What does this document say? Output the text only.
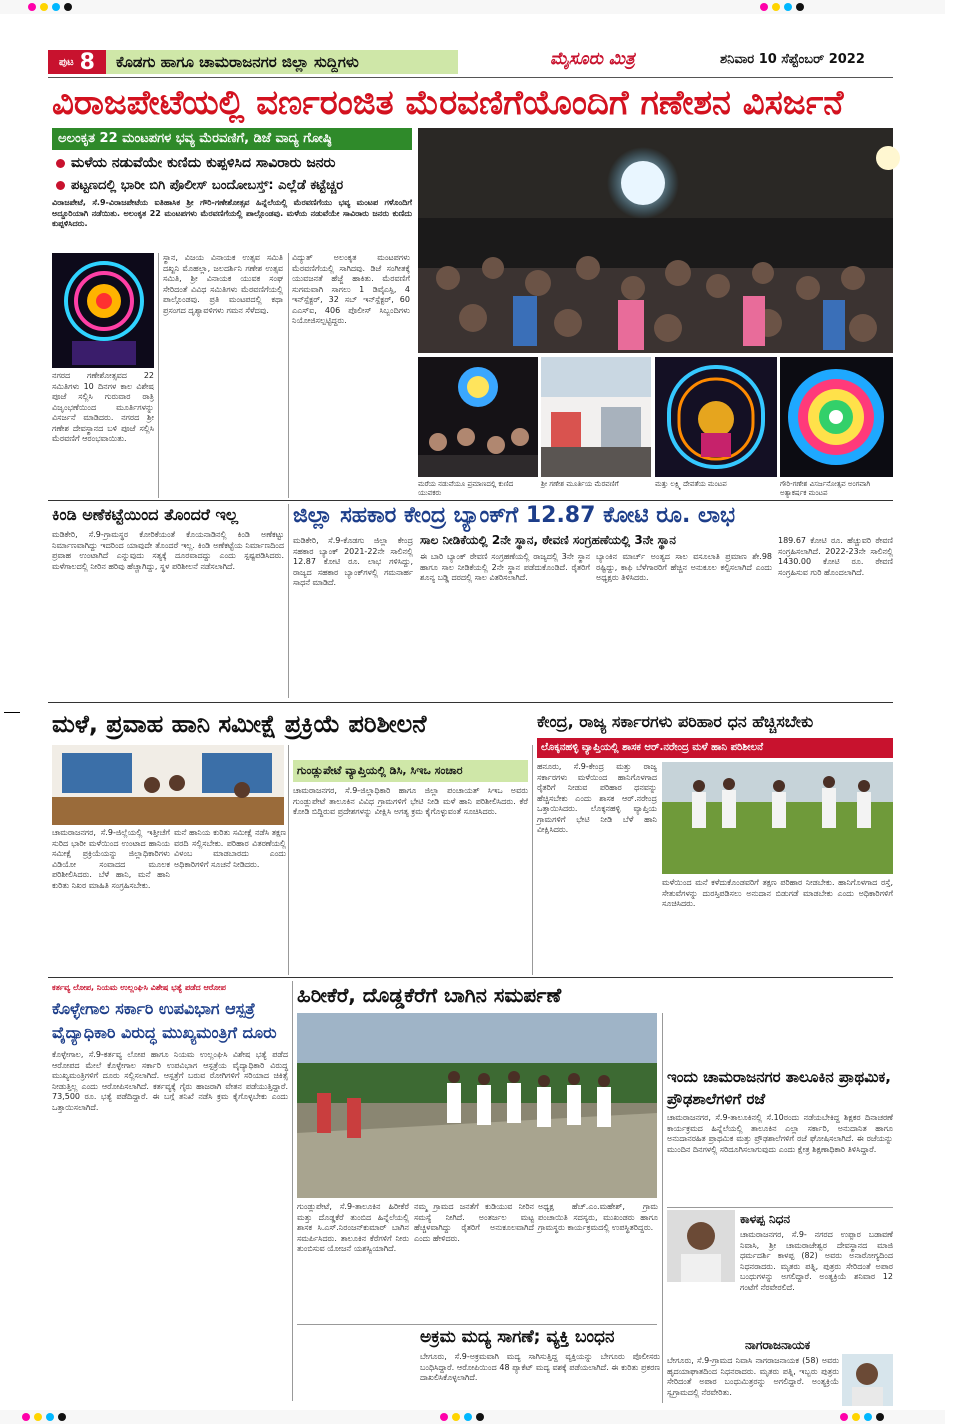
ಪುಟ 8	ಕೊಡಗು ಹಾಗೂ ಚಾಮರಾಜನಗರ ಜಿಲ್ಲಾ ಸುದ್ದಿಗಳು	ಮೈಸೂರು ಮಿತ್ರ	ಶನಿವಾರ 10 ಸೆಪ್ಟೆಂಬರ್ 2022
ವಿರಾಜಪೇಟೆಯಲ್ಲಿ ವರ್ಣರಂಜಿತ ಮೆರವಣಿಗೆಯೊಂದಿಗೆ ಗಣೇಶನ ವಿಸರ್ಜನೆ
ಅಲಂಕೃತ 22 ಮಂಟಪಗಳ ಭವ್ಯ ಮೆರವಣಿಗೆ, ಡಿಜೆ ವಾದ್ಯ ಗೋಷ್ಠಿ
ಮಳೆಯ ನಡುವೆಯೇ ಕುಣಿದು ಕುಪ್ಪಳಿಸಿದ ಸಾವಿರಾರು ಜನರು
ಪಟ್ಟಣದಲ್ಲಿ ಭಾರೀ ಬಿಗಿ ಪೊಲೀಸ್ ಬಂದೋಬಸ್ತ್: ಎಲ್ಲೆಡೆ ಕಟ್ಟೆಚ್ಚರ
ವಿರಾಜಪೇಟೆ, ಸೆ.9-ವಿರಾಜಪೇಟೆಯ ಐತಿಹಾಸಿಕ ಶ್ರೀ ಗೌರಿ-ಗಣೇಶೋತ್ಸವ ಹಿನ್ನೆಲೆಯಲ್ಲಿ ಮೆರವಣಿಗೆಯು ಭವ್ಯ ಮಂಟಪ ಗಳೊಂದಿಗೆ ಅದ್ದೂರಿಯಾಗಿ ನಡೆಯಿತು. ಅಲಂಕೃತ 22 ಮಂಟಪಗಳು ಮೆರವಣಿಗೆಯಲ್ಲಿ ಪಾಲ್ಗೊಂಡವು. ಮಳೆಯ ನಡುವೆಯೇ ಸಾವಿರಾರು ಜನರು ಕುಣಿದು ಕುಪ್ಪಳಿಸಿದರು.
ನಗರದ ಗಣೇಶೋತ್ಸವದ 22 ಸಮಿತಿಗಳು 10 ದಿನಗಳ ಕಾಲ ವಿಶೇಷ ಪೂಜೆ ಸಲ್ಲಿಸಿ ಗುರುವಾರ ರಾತ್ರಿ ವಿಜೃಂಭಣೆಯಿಂದ ಮೂರ್ತಿಗಳನ್ನು ವಿಸರ್ಜನೆ ಮಾಡಿದರು. ನಗರದ ಶ್ರೀ ಗಣೇಶ ದೇವಸ್ಥಾನದ ಬಳಿ ಪೂಜೆ ಸಲ್ಲಿಸಿ ಮೆರವಣಿಗೆ ಆರಂಭವಾಯಿತು.
ಸ್ಥಾನ, ವಿಜಯ ವಿನಾಯಕ ಉತ್ಸವ ಸಮಿತಿ ದಖ್ಖನಿ ಮೊಹಲ್ಲಾ, ಜಲದರ್ಶಿನಿ ಗಣೇಶ ಉತ್ಸವ ಸಮಿತಿ, ಶ್ರೀ ವಿನಾಯಕ ಯುವಕ ಸಂಘ ಸೇರಿದಂತೆ ವಿವಿಧ ಸಮಿತಿಗಳು ಮೆರವಣಿಗೆಯಲ್ಲಿ ಪಾಲ್ಗೊಂಡವು. ಪ್ರತಿ ಮಂಟಪದಲ್ಲಿ ಕಥಾ ಪ್ರಸಂಗದ ದೃಶ್ಯಾವಳಿಗಳು ಗಮನ ಸೆಳೆದವು.
ವಿದ್ಯುತ್ ಅಲಂಕೃತ ಮಂಟಪಗಳು ಮೆರವಣಿಗೆಯಲ್ಲಿ ಸಾಗಿದವು. ಡಿಜೆ ಸಂಗೀತಕ್ಕೆ ಯುವಜನತೆ ಹೆಜ್ಜೆ ಹಾಕಿತು. ಮೆರವಣಿಗೆ ಸುಗಮವಾಗಿ ಸಾಗಲು 1 ಡಿವೈಎಸ್ಪಿ, 4 ಇನ್‍ಸ್ಪೆಕ್ಟರ್, 32 ಸಬ್ ಇನ್‍ಸ್ಪೆಕ್ಟರ್, 60 ಎಎಸ್‍ಐ, 406 ಪೊಲೀಸ್ ಸಿಬ್ಬಂದಿಗಳು ನಿಯೋಜಿಸಲ್ಪಟ್ಟಿದ್ದರು.
ಮರೆಯ ನಡುವೆಯೂ ಪ್ರಮಾಣದಲ್ಲಿ ಕುಣಿದ ಯುವಕರು
ಶ್ರೀ ಗಣೇಶ ಮೂರ್ತಿಯ ಮೆರವಣಿಗೆ	ಮತ್ತು ಲಕ್ಷ್ಮಿ ದೇವತೆಯ ಮಂಟಪ	ಗೌರಿ-ಗಣೇಶ ವಿಸರ್ಜನೋತ್ಸವ ಅಂಗವಾಗಿ ಅತ್ಯಾಕರ್ಷಕ ಮಂಟಪ
ಕಿಂಡಿ ಅಣೆಕಟ್ಟೆಯಿಂದ ತೊಂದರೆ ಇಲ್ಲ
ಮಡಿಕೇರಿ, ಸೆ.9-ಗ್ರಾಮಸ್ಥರ ಕೋರಿಕೆಯಂತೆ ಕೊಯನಾಡಿನಲ್ಲಿ ಕಿಂಡಿ ಅಣೆಕಟ್ಟು ನಿರ್ಮಾಣವಾಗಿದ್ದು ಇದರಿಂದ ಯಾವುದೇ ತೊಂದರೆ ಇಲ್ಲ. ಕಿಂಡಿ ಅಣೆಕಟ್ಟೆಯ ನಿರ್ಮಾಣದಿಂದ ಪ್ರವಾಹ ಉಂಟಾಗಿದೆ ಎನ್ನುವುದು ಸತ್ಯಕ್ಕೆ ದೂರವಾದದ್ದು ಎಂದು ಸ್ಪಷ್ಟಪಡಿಸಿದರು. ಮಳೆಗಾಲದಲ್ಲಿ ನೀರಿನ ಹರಿವು ಹೆಚ್ಚಾಗಿದ್ದು, ಸ್ಥಳ ಪರಿಶೀಲನೆ ನಡೆಸಲಾಗಿದೆ.
ಜಿಲ್ಲಾ ಸಹಕಾರ ಕೇಂದ್ರ ಬ್ಯಾಂಕ್‍ಗೆ 12.87 ಕೋಟಿ ರೂ. ಲಾಭ
ಸಾಲ ನೀಡಿಕೆಯಲ್ಲಿ 2ನೇ ಸ್ಥಾನ, ಠೇವಣಿ ಸಂಗ್ರಹಣೆಯಲ್ಲಿ 3ನೇ ಸ್ಥಾನ
ಮಡಿಕೇರಿ, ಸೆ.9-ಕೊಡಗು ಜಿಲ್ಲಾ ಕೇಂದ್ರ ಸಹಕಾರ ಬ್ಯಾಂಕ್ 2021-22ನೇ ಸಾಲಿನಲ್ಲಿ 12.87 ಕೋಟಿ ರೂ. ಲಾಭ ಗಳಿಸಿದ್ದು, ರಾಜ್ಯದ ಸಹಕಾರ ಬ್ಯಾಂಕ್‍ಗಳಲ್ಲಿ ಗಮನಾರ್ಹ ಸಾಧನೆ ಮಾಡಿದೆ.
ಈ ಬಾರಿ ಬ್ಯಾಂಕ್ ಠೇವಣಿ ಸಂಗ್ರಹಣೆಯಲ್ಲಿ ರಾಜ್ಯದಲ್ಲಿ 3ನೇ ಸ್ಥಾನ ಹಾಗೂ ಸಾಲ ನೀಡಿಕೆಯಲ್ಲಿ 2ನೇ ಸ್ಥಾನ ಪಡೆದುಕೊಂಡಿದೆ. ರೈತರಿಗೆ ಶೂನ್ಯ ಬಡ್ಡಿ ದರದಲ್ಲಿ ಸಾಲ ವಿತರಿಸಲಾಗಿದೆ.
ಬ್ಯಾಂಕಿನ ಮಾರ್ಚ್ ಅಂತ್ಯದ ಸಾಲ ವಸೂಲಾತಿ ಪ್ರಮಾಣ ಶೇ.98 ರಷ್ಟಿದ್ದು, ಕಾಫಿ ಬೆಳೆಗಾರರಿಗೆ ಹೆಚ್ಚಿನ ಅನುಕೂಲ ಕಲ್ಪಿಸಲಾಗಿದೆ ಎಂದು ಅಧ್ಯಕ್ಷರು ತಿಳಿಸಿದರು.
189.67 ಕೋಟಿ ರೂ. ಹೆಚ್ಚುವರಿ ಠೇವಣಿ ಸಂಗ್ರಹಿಸಲಾಗಿದೆ. 2022-23ನೇ ಸಾಲಿನಲ್ಲಿ 1430.00 ಕೋಟಿ ರೂ. ಠೇವಣಿ ಸಂಗ್ರಹಿಸುವ ಗುರಿ ಹೊಂದಲಾಗಿದೆ.
ಮಳೆ, ಪ್ರವಾಹ ಹಾನಿ ಸಮೀಕ್ಷೆ ಪ್ರಕ್ರಿಯೆ ಪರಿಶೀಲನೆ
ಚಾಮರಾಜನಗರ, ಸೆ.9-ಜಿಲ್ಲೆಯಲ್ಲಿ ಇತ್ತೀಚೆಗೆ ಸುರಿದ ಭಾರೀ ಮಳೆಯಿಂದ ಉಂಟಾದ ಹಾನಿಯ ಸಮೀಕ್ಷೆ ಪ್ರಕ್ರಿಯೆಯನ್ನು ಜಿಲ್ಲಾಧಿಕಾರಿಗಳು ವಿಡಿಯೋ ಸಂವಾದದ ಮೂಲಕ ಪರಿಶೀಲಿಸಿದರು. ಬೆಳೆ ಹಾನಿ, ಮನೆ ಹಾನಿ ಕುರಿತು ನಿಖರ ಮಾಹಿತಿ ಸಂಗ್ರಹಿಸಬೇಕು.
ಮನೆ ಹಾನಿಯ ಕುರಿತು ಸಮೀಕ್ಷೆ ನಡೆಸಿ ತಕ್ಷಣ ವರದಿ ಸಲ್ಲಿಸಬೇಕು. ಪರಿಹಾರ ವಿತರಣೆಯಲ್ಲಿ ವಿಳಂಬ ಮಾಡಬಾರದು ಎಂದು ಅಧಿಕಾರಿಗಳಿಗೆ ಸೂಚನೆ ನೀಡಿದರು.
ಗುಂಡ್ಲುಪೇಟೆ ವ್ಯಾಪ್ತಿಯಲ್ಲಿ ಡಿಸಿ, ಸಿಇಒ ಸಂಚಾರ
ಚಾಮರಾಜನಗರ, ಸೆ.9-ಜಿಲ್ಲಾಧಿಕಾರಿ ಹಾಗೂ ಜಿಲ್ಲಾ ಪಂಚಾಯತ್ ಸಿಇಒ ಅವರು ಗುಂಡ್ಲುಪೇಟೆ ತಾಲೂಕಿನ ವಿವಿಧ ಗ್ರಾಮಗಳಿಗೆ ಭೇಟಿ ನೀಡಿ ಮಳೆ ಹಾನಿ ಪರಿಶೀಲಿಸಿದರು. ಕೆರೆ ಕೋಡಿ ಬಿದ್ದಿರುವ ಪ್ರದೇಶಗಳನ್ನು ವೀಕ್ಷಿಸಿ ಅಗತ್ಯ ಕ್ರಮ ಕೈಗೊಳ್ಳುವಂತೆ ಸೂಚಿಸಿದರು.
ಕೇಂದ್ರ, ರಾಜ್ಯ ಸರ್ಕಾರಗಳು ಪರಿಹಾರ ಧನ ಹೆಚ್ಚಿಸಬೇಕು
ಲೊಕ್ಕನಹಳ್ಳಿ ವ್ಯಾಪ್ತಿಯಲ್ಲಿ ಶಾಸಕ ಆರ್.ನರೇಂದ್ರ ಮಳೆ ಹಾನಿ ಪರಿಶೀಲನೆ
ಹನೂರು, ಸೆ.9-ಕೇಂದ್ರ ಮತ್ತು ರಾಜ್ಯ ಸರ್ಕಾರಗಳು ಮಳೆಯಿಂದ ಹಾನಿಗೊಳಗಾದ ರೈತರಿಗೆ ನೀಡುವ ಪರಿಹಾರ ಧನವನ್ನು ಹೆಚ್ಚಿಸಬೇಕು ಎಂದು ಶಾಸಕ ಆರ್.ನರೇಂದ್ರ ಒತ್ತಾಯಿಸಿದರು. ಲೊಕ್ಕನಹಳ್ಳಿ ವ್ಯಾಪ್ತಿಯ ಗ್ರಾಮಗಳಿಗೆ ಭೇಟಿ ನೀಡಿ ಬೆಳೆ ಹಾನಿ ವೀಕ್ಷಿಸಿದರು.
ಮಳೆಯಿಂದ ಮನೆ ಕಳೆದುಕೊಂಡವರಿಗೆ ತಕ್ಷಣ ಪರಿಹಾರ ನೀಡಬೇಕು. ಹಾನಿಗೊಳಗಾದ ರಸ್ತೆ, ಸೇತುವೆಗಳನ್ನು ದುರಸ್ತಿಪಡಿಸಲು ಅನುದಾನ ಬಿಡುಗಡೆ ಮಾಡಬೇಕು ಎಂದು ಅಧಿಕಾರಿಗಳಿಗೆ ಸೂಚಿಸಿದರು.
ಕರ್ತವ್ಯ ಲೋಪ, ನಿಯಮ ಉಲ್ಲಂಘಿಸಿ ವಿಶೇಷ ಭತ್ಯೆ ಪಡೆದ ಆರೋಪ
ಕೊಳ್ಳೇಗಾಲ ಸರ್ಕಾರಿ ಉಪವಿಭಾಗ ಆಸ್ಪತ್ರೆ ವೈದ್ಯಾಧಿಕಾರಿ ವಿರುದ್ಧ ಮುಖ್ಯಮಂತ್ರಿಗೆ ದೂರು
ಕೊಳ್ಳೇಗಾಲ, ಸೆ.9-ಕರ್ತವ್ಯ ಲೋಪ ಹಾಗೂ ನಿಯಮ ಉಲ್ಲಂಘಿಸಿ ವಿಶೇಷ ಭತ್ಯೆ ಪಡೆದ ಆರೋಪದ ಮೇಲೆ ಕೊಳ್ಳೇಗಾಲ ಸರ್ಕಾರಿ ಉಪವಿಭಾಗ ಆಸ್ಪತ್ರೆಯ ವೈದ್ಯಾಧಿಕಾರಿ ವಿರುದ್ಧ ಮುಖ್ಯಮಂತ್ರಿಗಳಿಗೆ ದೂರು ಸಲ್ಲಿಸಲಾಗಿದೆ. ಆಸ್ಪತ್ರೆಗೆ ಬರುವ ರೋಗಿಗಳಿಗೆ ಸರಿಯಾದ ಚಿಕಿತ್ಸೆ ನೀಡುತ್ತಿಲ್ಲ ಎಂದು ಆರೋಪಿಸಲಾಗಿದೆ. ಕರ್ತವ್ಯಕ್ಕೆ ಗೈರು ಹಾಜರಾಗಿ ವೇತನ ಪಡೆಯುತ್ತಿದ್ದಾರೆ. 73,500 ರೂ. ಭತ್ಯೆ ಪಡೆದಿದ್ದಾರೆ. ಈ ಬಗ್ಗೆ ತನಿಖೆ ನಡೆಸಿ ಕ್ರಮ ಕೈಗೊಳ್ಳಬೇಕು ಎಂದು ಒತ್ತಾಯಿಸಲಾಗಿದೆ.
ಹಿರೀಕೆರೆ, ದೊಡ್ಡಕೆರೆಗೆ ಬಾಗಿನ ಸಮರ್ಪಣೆ
ಗುಂಡ್ಲುಪೇಟೆ, ಸೆ.9-ತಾಲೂಕಿನ ಹಿರೀಕೆರೆ ಮತ್ತು ದೊಡ್ಡಕೆರೆ ತುಂಬಿದ ಹಿನ್ನೆಲೆಯಲ್ಲಿ ಶಾಸಕ ಸಿ.ಎಸ್.ನಿರಂಜನ್‍ಕುಮಾರ್ ಬಾಗಿನ ಸಮರ್ಪಿಸಿದರು. ತಾಲೂಕಿನ ಕೆರೆಗಳಿಗೆ ನೀರು ತುಂಬಿಸುವ ಯೋಜನೆ ಯಶಸ್ವಿಯಾಗಿದೆ.
ನಮ್ಮ ಗ್ರಾಮದ ಜನತೆಗೆ ಕುಡಿಯುವ ನೀರಿನ ಸಮಸ್ಯೆ ನೀಗಿದೆ. ಅಂತರ್ಜಲ ಮಟ್ಟ ಹೆಚ್ಚಳವಾಗಿದ್ದು ರೈತರಿಗೆ ಅನುಕೂಲವಾಗಿದೆ ಎಂದು ಹೇಳಿದರು.
ಅಧ್ಯಕ್ಷ ಹೆಚ್.ಎಂ.ಮಹೇಶ್, ಗ್ರಾಮ ಪಂಚಾಯಿತಿ ಸದಸ್ಯರು, ಮುಖಂಡರು ಹಾಗೂ ಗ್ರಾಮಸ್ಥರು ಕಾರ್ಯಕ್ರಮದಲ್ಲಿ ಉಪಸ್ಥಿತರಿದ್ದರು.
ಅಕ್ರಮ ಮದ್ಯ ಸಾಗಣೆ; ವ್ಯಕ್ತಿ ಬಂಧನ
ಬೇಗೂರು, ಸೆ.9-ಅಕ್ರಮವಾಗಿ ಮದ್ಯ ಸಾಗಿಸುತ್ತಿದ್ದ ವ್ಯಕ್ತಿಯನ್ನು ಬೇಗೂರು ಪೊಲೀಸರು ಬಂಧಿಸಿದ್ದಾರೆ. ಆರೋಪಿಯಿಂದ 48 ಪ್ಯಾಕೆಟ್ ಮದ್ಯ ವಶಕ್ಕೆ ಪಡೆಯಲಾಗಿದೆ. ಈ ಕುರಿತು ಪ್ರಕರಣ ದಾಖಲಿಸಿಕೊಳ್ಳಲಾಗಿದೆ.
ಇಂದು ಚಾಮರಾಜನಗರ ತಾಲೂಕಿನ ಪ್ರಾಥಮಿಕ, ಪ್ರೌಢಶಾಲೆಗಳಿಗೆ ರಜೆ
ಚಾಮರಾಜನಗರ, ಸೆ.9-ತಾಲೂಕಿನಲ್ಲಿ ಸೆ.10ರಂದು ನಡೆಯಬೇಕಿದ್ದ ಶಿಕ್ಷಕರ ದಿನಾಚರಣೆ ಕಾರ್ಯಕ್ರಮದ ಹಿನ್ನೆಲೆಯಲ್ಲಿ ತಾಲೂಕಿನ ಎಲ್ಲಾ ಸರ್ಕಾರಿ, ಅನುದಾನಿತ ಹಾಗೂ ಅನುದಾನರಹಿತ ಪ್ರಾಥಮಿಕ ಮತ್ತು ಪ್ರೌಢಶಾಲೆಗಳಿಗೆ ರಜೆ ಘೋಷಿಸಲಾಗಿದೆ. ಈ ರಜೆಯನ್ನು ಮುಂದಿನ ದಿನಗಳಲ್ಲಿ ಸರಿದೂಗಿಸಲಾಗುವುದು ಎಂದು ಕ್ಷೇತ್ರ ಶಿಕ್ಷಣಾಧಿಕಾರಿ ತಿಳಿಸಿದ್ದಾರೆ.
ಕಾಳಪ್ಪ ನಿಧನ
ಚಾಮರಾಜನಗರ, ಸೆ.9- ನಗರದ ಉಪ್ಪಾರ ಬಡಾವಣೆ ನಿವಾಸಿ, ಶ್ರೀ ಚಾಮರಾಜೇಶ್ವರ ದೇವಸ್ಥಾನದ ಮಾಜಿ ಧರ್ಮದರ್ಶಿ ಕಾಳಪ್ಪ (82) ಅವರು ಅನಾರೋಗ್ಯದಿಂದ ನಿಧನರಾದರು. ಮೃತರು ಪತ್ನಿ, ಪುತ್ರರು ಸೇರಿದಂತೆ ಅಪಾರ ಬಂಧುಗಳನ್ನು ಅಗಲಿದ್ದಾರೆ. ಅಂತ್ಯಕ್ರಿಯೆ ಶನಿವಾರ 12 ಗಂಟೆಗೆ ನೆರವೇರಲಿದೆ.
ನಾಗರಾಜನಾಯಕ
ಬೇಗೂರು, ಸೆ.9-ಗ್ರಾಮದ ನಿವಾಸಿ ನಾಗರಾಜನಾಯಕ (58) ಅವರು ಹೃದಯಾಘಾತದಿಂದ ನಿಧನರಾದರು. ಮೃತರು ಪತ್ನಿ, ಇಬ್ಬರು ಪುತ್ರರು ಸೇರಿದಂತೆ ಅಪಾರ ಬಂಧುಮಿತ್ರರನ್ನು ಅಗಲಿದ್ದಾರೆ. ಅಂತ್ಯಕ್ರಿಯೆ ಸ್ವಗ್ರಾಮದಲ್ಲಿ ನೆರವೇರಿತು.
